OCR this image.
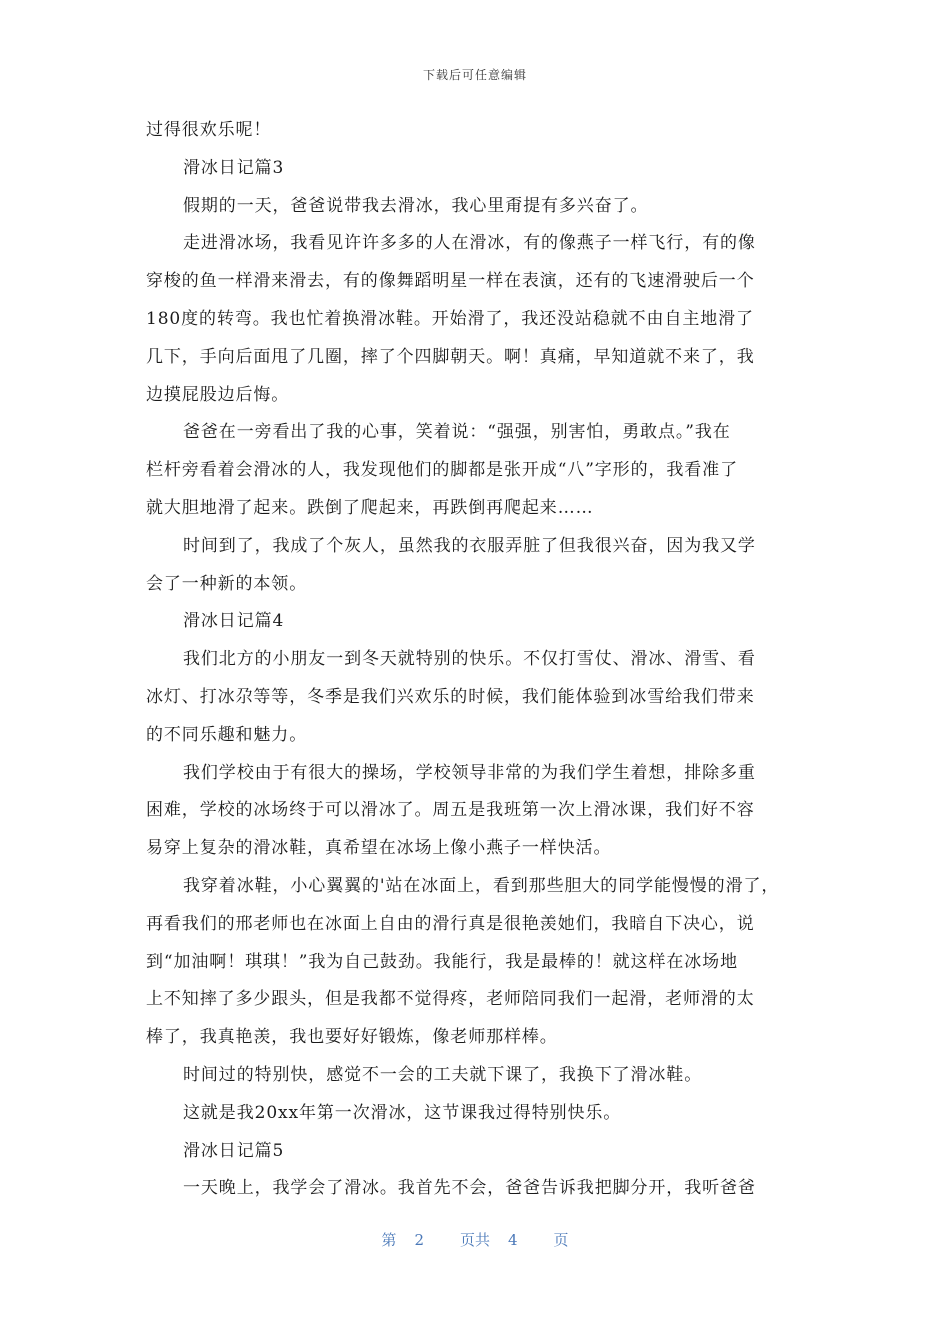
下载后可任意编辑
过得很欢乐呢！
滑冰日记篇3
假期的一天，爸爸说带我去滑冰，我心里甭提有多兴奋了。
走进滑冰场，我看见许许多多的人在滑冰，有的像燕子一样飞行，有的像
穿梭的鱼一样滑来滑去，有的像舞蹈明星一样在表演，还有的飞速滑驶后一个
180度的转弯。我也忙着换滑冰鞋。开始滑了，我还没站稳就不由自主地滑了
几下，手向后面甩了几圈，摔了个四脚朝天。啊！真痛，早知道就不来了，我
边摸屁股边后悔。
爸爸在一旁看出了我的心事，笑着说：“强强，别害怕，勇敢点。”我在
栏杆旁看着会滑冰的人，我发现他们的脚都是张开成“八”字形的，我看准了
就大胆地滑了起来。跌倒了爬起来，再跌倒再爬起来……
时间到了，我成了个灰人，虽然我的衣服弄脏了但我很兴奋，因为我又学
会了一种新的本领。
滑冰日记篇4
我们北方的小朋友一到冬天就特别的快乐。不仅打雪仗、滑冰、滑雪、看
冰灯、打冰尕等等，冬季是我们兴欢乐的时候，我们能体验到冰雪给我们带来
的不同乐趣和魅力。
我们学校由于有很大的操场，学校领导非常的为我们学生着想，排除多重
困难，学校的冰场终于可以滑冰了。周五是我班第一次上滑冰课，我们好不容
易穿上复杂的滑冰鞋，真希望在冰场上像小燕子一样快活。
我穿着冰鞋，小心翼翼的'站在冰面上，看到那些胆大的同学能慢慢的滑了，
再看我们的邢老师也在冰面上自由的滑行真是很艳羡她们，我暗自下决心，说
到“加油啊！琪琪！”我为自己鼓劲。我能行，我是最棒的！就这样在冰场地
上不知摔了多少跟头，但是我都不觉得疼，老师陪同我们一起滑，老师滑的太
棒了，我真艳羡，我也要好好锻炼，像老师那样棒。
时间过的特别快，感觉不一会的工夫就下课了，我换下了滑冰鞋。
这就是我20xx年第一次滑冰，这节课我过得特别快乐。
滑冰日记篇5
一天晚上，我学会了滑冰。我首先不会，爸爸告诉我把脚分开，我听爸爸
第 2 页共 4 页
